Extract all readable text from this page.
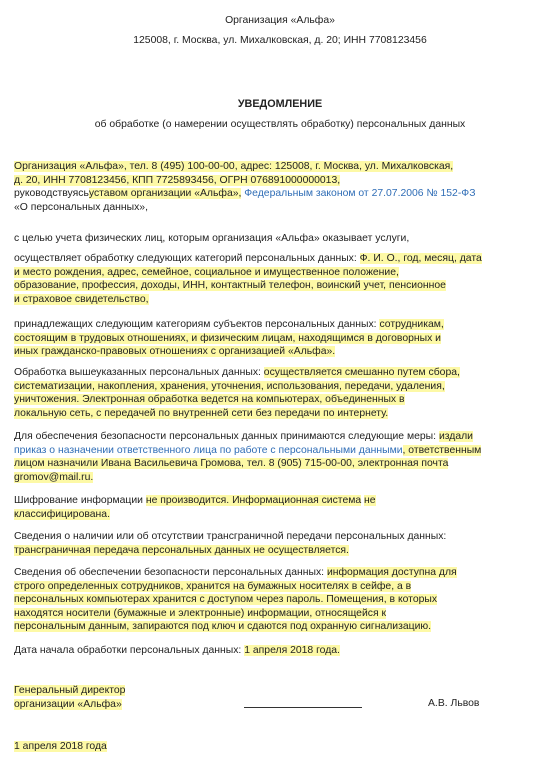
Организация «Альфа»
125008, г. Москва, ул. Михалковская, д. 20; ИНН 7708123456
УВЕДОМЛЕНИЕ
об обработке (о намерении осуществлять обработку) персональных данных
Организация «Альфа», тел. 8 (495) 100-00-00, адрес: 125008, г. Москва, ул. Михалковская,
д. 20, ИНН 7708123456, КПП 7725893456, ОГРН 076891000000013,
руководствуясьуставом организации «Альфа», Федеральным законом от 27.07.2006 № 152-ФЗ
«О персональных данных»,
с целью учета физических лиц, которым организация «Альфа» оказывает услуги,
осуществляет обработку следующих категорий персональных данных: Ф. И. О., год, месяц, дата
и место рождения, адрес, семейное, социальное и имущественное положение,
образование, профессия, доходы, ИНН, контактный телефон, воинский учет, пенсионное
и страховое свидетельство,
принадлежащих следующим категориям субъектов персональных данных: сотрудникам,
состоящим в трудовых отношениях, и физическим лицам, находящимся в договорных и
иных гражданско-правовых отношениях с организацией «Альфа».
Обработка вышеуказанных персональных данных: осуществляется смешанно путем сбора,
систематизации, накопления, хранения, уточнения, использования, передачи, удаления,
уничтожения. Электронная обработка ведется на компьютерах, объединенных в
локальную сеть, с передачей по внутренней сети без передачи по интернету.
Для обеспечения безопасности персональных данных принимаются следующие меры: издали
приказ о назначении ответственного лица по работе с персональными данными, ответственным
лицом назначили Ивана Васильевича Громова, тел. 8 (905) 715-00-00, электронная почта
gromov@mail.ru.
Шифрование информации не производится. Информационная система не
классифицирована.
Сведения о наличии или об отсутствии трансграничной передачи персональных данных:
трансграничная передача персональных данных не осуществляется.
Сведения об обеспечении безопасности персональных данных: информация доступна для
строго определенных сотрудников, хранится на бумажных носителях в сейфе, а в
персональных компьютерах хранится с доступом через пароль. Помещения, в которых
находятся носители (бумажные и электронные) информации, относящейся к
персональным данным, запираются под ключ и сдаются под охранную сигнализацию.
Дата начала обработки персональных данных: 1 апреля 2018 года.
Генеральный директор
организации «Альфа»	А.В. Львов
1 апреля 2018 года
